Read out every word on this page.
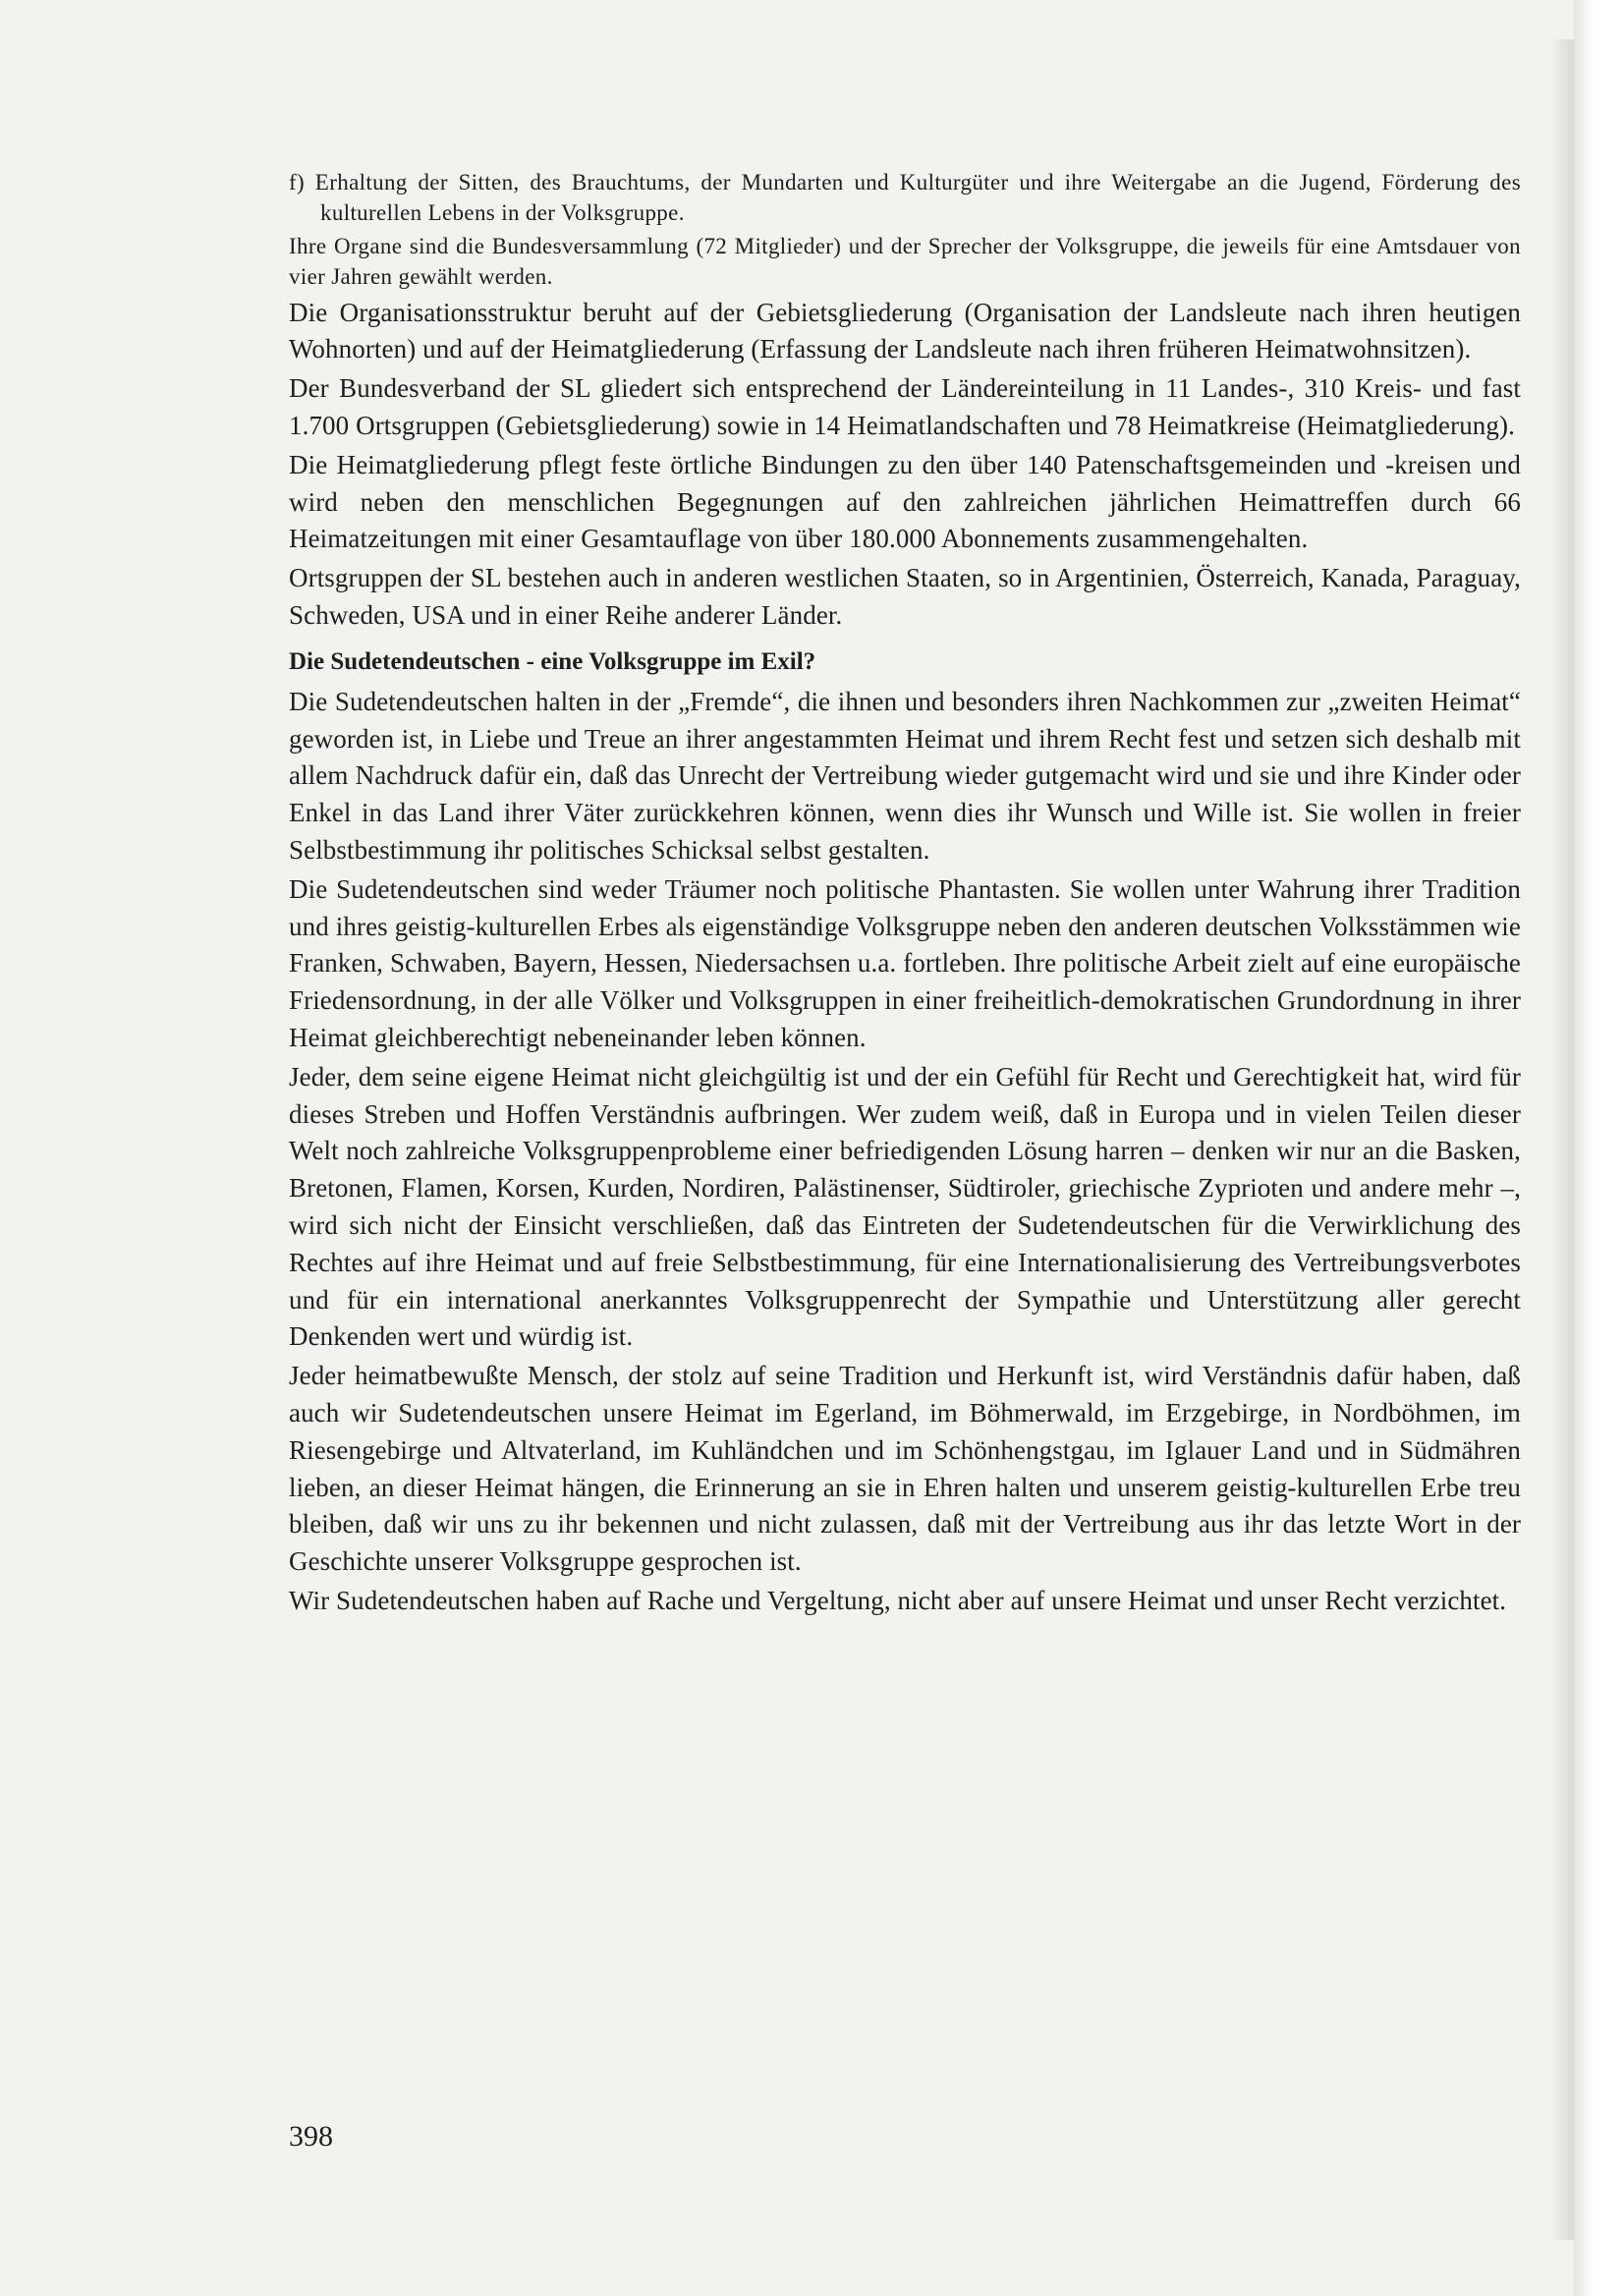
f) Erhaltung der Sitten, des Brauchtums, der Mundarten und Kulturgüter und ihre Weitergabe an die Jugend, Förderung des kulturellen Lebens in der Volksgruppe.

Ihre Organe sind die Bundesversammlung (72 Mitglieder) und der Sprecher der Volksgruppe, die jeweils für eine Amtsdauer von vier Jahren gewählt werden.

Die Organisationsstruktur beruht auf der Gebietsgliederung (Organisation der Landsleute nach ihren heutigen Wohnorten) und auf der Heimatgliederung (Erfassung der Landsleute nach ihren früheren Heimatwohnsitzen).

Der Bundesverband der SL gliedert sich entsprechend der Ländereinteilung in 11 Landes-, 310 Kreis- und fast 1.700 Ortsgruppen (Gebietsgliederung) sowie in 14 Heimatlandschaften und 78 Heimatkreise (Heimatgliederung).

Die Heimatgliederung pflegt feste örtliche Bindungen zu den über 140 Patenschaftsgemeinden und -kreisen und wird neben den menschlichen Begegnungen auf den zahlreichen jährlichen Heimattreffen durch 66 Heimatzeitungen mit einer Gesamtauflage von über 180.000 Abonnements zusammengehalten.

Ortsgruppen der SL bestehen auch in anderen westlichen Staaten, so in Argentinien, Österreich, Kanada, Paraguay, Schweden, USA und in einer Reihe anderer Länder.

Die Sudetendeutschen - eine Volksgruppe im Exil?

Die Sudetendeutschen halten in der „Fremde“, die ihnen und besonders ihren Nachkommen zur „zweiten Heimat“ geworden ist, in Liebe und Treue an ihrer angestammten Heimat und ihrem Recht fest und setzen sich deshalb mit allem Nachdruck dafür ein, daß das Unrecht der Vertreibung wieder gutgemacht wird und sie und ihre Kinder oder Enkel in das Land ihrer Väter zurückkehren können, wenn dies ihr Wunsch und Wille ist. Sie wollen in freier Selbstbestimmung ihr politisches Schicksal selbst gestalten.

Die Sudetendeutschen sind weder Träumer noch politische Phantasten. Sie wollen unter Wahrung ihrer Tradition und ihres geistig-kulturellen Erbes als eigenständige Volksgruppe neben den anderen deutschen Volksstämmen wie Franken, Schwaben, Bayern, Hessen, Niedersachsen u.a. fortleben. Ihre politische Arbeit zielt auf eine europäische Friedensordnung, in der alle Völker und Volksgruppen in einer freiheitlich-demokratischen Grundordnung in ihrer Heimat gleichberechtigt nebeneinander leben können.

Jeder, dem seine eigene Heimat nicht gleichgültig ist und der ein Gefühl für Recht und Gerechtigkeit hat, wird für dieses Streben und Hoffen Verständnis aufbringen. Wer zudem weiß, daß in Europa und in vielen Teilen dieser Welt noch zahlreiche Volksgruppenprobleme einer befriedigenden Lösung harren – denken wir nur an die Basken, Bretonen, Flamen, Korsen, Kurden, Nordiren, Palästinenser, Südtiroler, griechische Zyprioten und andere mehr –, wird sich nicht der Einsicht verschließen, daß das Eintreten der Sudetendeutschen für die Verwirklichung des Rechtes auf ihre Heimat und auf freie Selbstbestimmung, für eine Internationalisierung des Vertreibungsverbotes und für ein international anerkanntes Volksgruppenrecht der Sympathie und Unterstützung aller gerecht Denkenden wert und würdig ist.

Jeder heimatbewußte Mensch, der stolz auf seine Tradition und Herkunft ist, wird Verständnis dafür haben, daß auch wir Sudetendeutschen unsere Heimat im Egerland, im Böhmerwald, im Erzgebirge, in Nordböhmen, im Riesengebirge und Altvaterland, im Kuhländchen und im Schönhengstgau, im Iglauer Land und in Südmähren lieben, an dieser Heimat hängen, die Erinnerung an sie in Ehren halten und unserem geistig-kulturellen Erbe treu bleiben, daß wir uns zu ihr bekennen und nicht zulassen, daß mit der Vertreibung aus ihr das letzte Wort in der Geschichte unserer Volksgruppe gesprochen ist.

Wir Sudetendeutschen haben auf Rache und Vergeltung, nicht aber auf unsere Heimat und unser Recht verzichtet.

398
